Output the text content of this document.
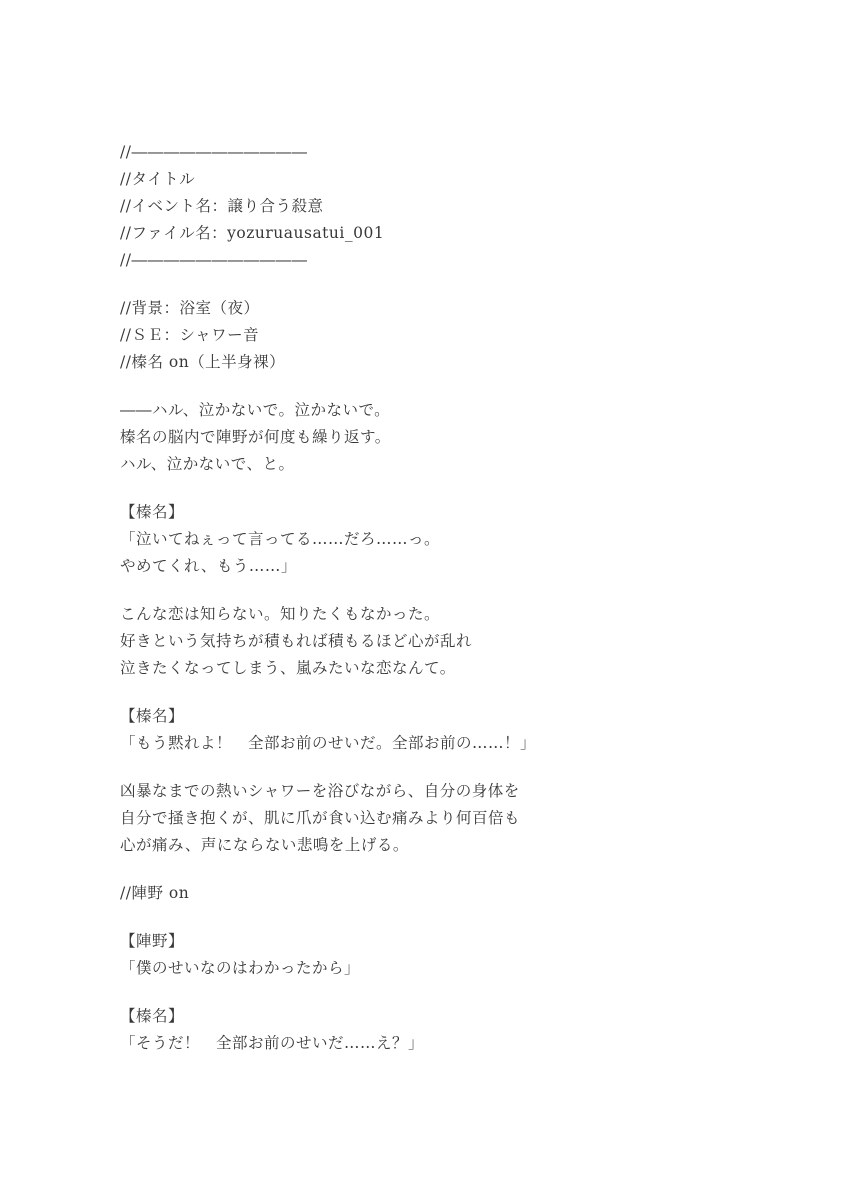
//―――――――――――
//タイトル
//イベント名：譲り合う殺意
//ファイル名：yozuruausatui_001
//―――――――――――
//背景：浴室（夜）
//ＳＥ：シャワー音
//榛名 on（上半身裸）
――ハル、泣かないで。泣かないで。
榛名の脳内で陣野が何度も繰り返す。
ハル、泣かないで、と。
【榛名】
「泣いてねぇって言ってる……だろ……っ。
やめてくれ、もう……」
こんな恋は知らない。知りたくもなかった。
好きという気持ちが積もれば積もるほど心が乱れ
泣きたくなってしまう、嵐みたいな恋なんて。
【榛名】
「もう黙れよ！　全部お前のせいだ。全部お前の……！」
凶暴なまでの熱いシャワーを浴びながら、自分の身体を
自分で掻き抱くが、肌に爪が食い込む痛みより何百倍も
心が痛み、声にならない悲鳴を上げる。
//陣野 on
【陣野】
「僕のせいなのはわかったから」
【榛名】
「そうだ！　全部お前のせいだ……え？」
